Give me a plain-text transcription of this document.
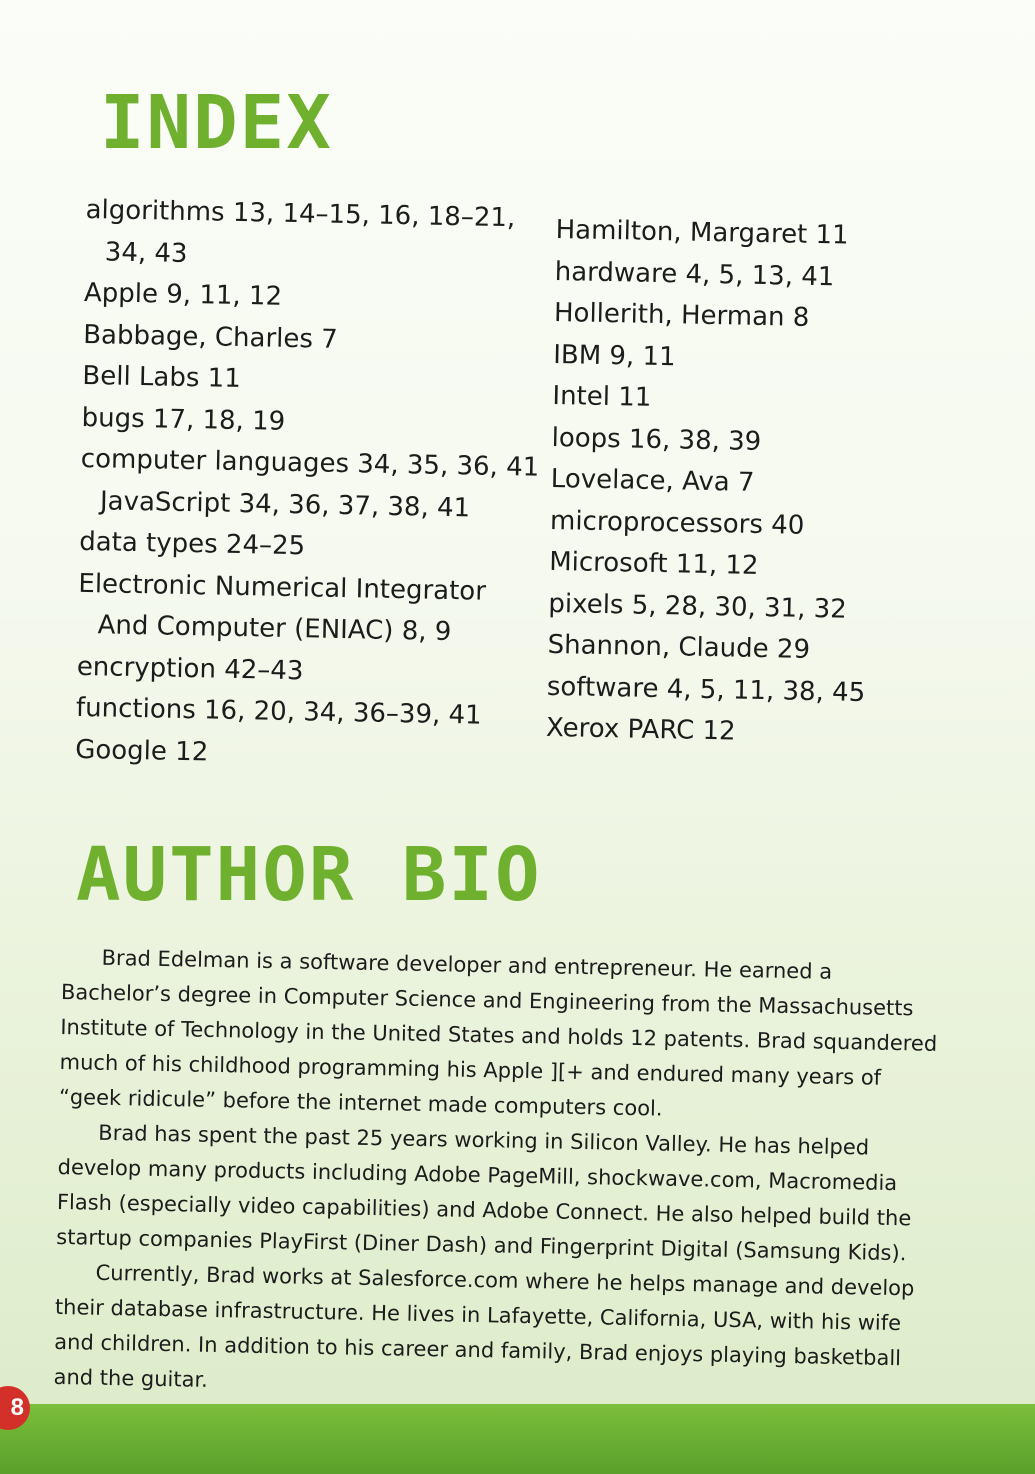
INDEX
algorithms 13, 14–15, 16, 18–21,
34, 43
Apple 9, 11, 12
Babbage, Charles 7
Bell Labs 11
bugs 17, 18, 19
computer languages 34, 35, 36, 41
JavaScript 34, 36, 37, 38, 41
data types 24–25
Electronic Numerical Integrator
And Computer (ENIAC) 8, 9
encryption 42–43
functions 16, 20, 34, 36–39, 41
Google 12
Hamilton, Margaret 11
hardware 4, 5, 13, 41
Hollerith, Herman 8
IBM 9, 11
Intel 11
loops 16, 38, 39
Lovelace, Ava 7
microprocessors 40
Microsoft 11, 12
pixels 5, 28, 30, 31, 32
Shannon, Claude 29
software 4, 5, 11, 38, 45
Xerox PARC 12
AUTHOR BIO

Brad Edelman is a software developer and entrepreneur. He earned a Bachelor’s degree in Computer Science and Engineering from the Massachusetts Institute of Technology in the United States and holds 12 patents. Brad squandered much of his childhood programming his Apple ][+ and endured many years of “geek ridicule” before the internet made computers cool.

Brad has spent the past 25 years working in Silicon Valley. He has helped develop many products including Adobe PageMill, shockwave.com, Macromedia Flash (especially video capabilities) and Adobe Connect. He also helped build the startup companies PlayFirst (Diner Dash) and Fingerprint Digital (Samsung Kids).

Currently, Brad works at Salesforce.com where he helps manage and develop their database infrastructure. He lives in Lafayette, California, USA, with his wife and children. In addition to his career and family, Brad enjoys playing basketball and the guitar.

8
